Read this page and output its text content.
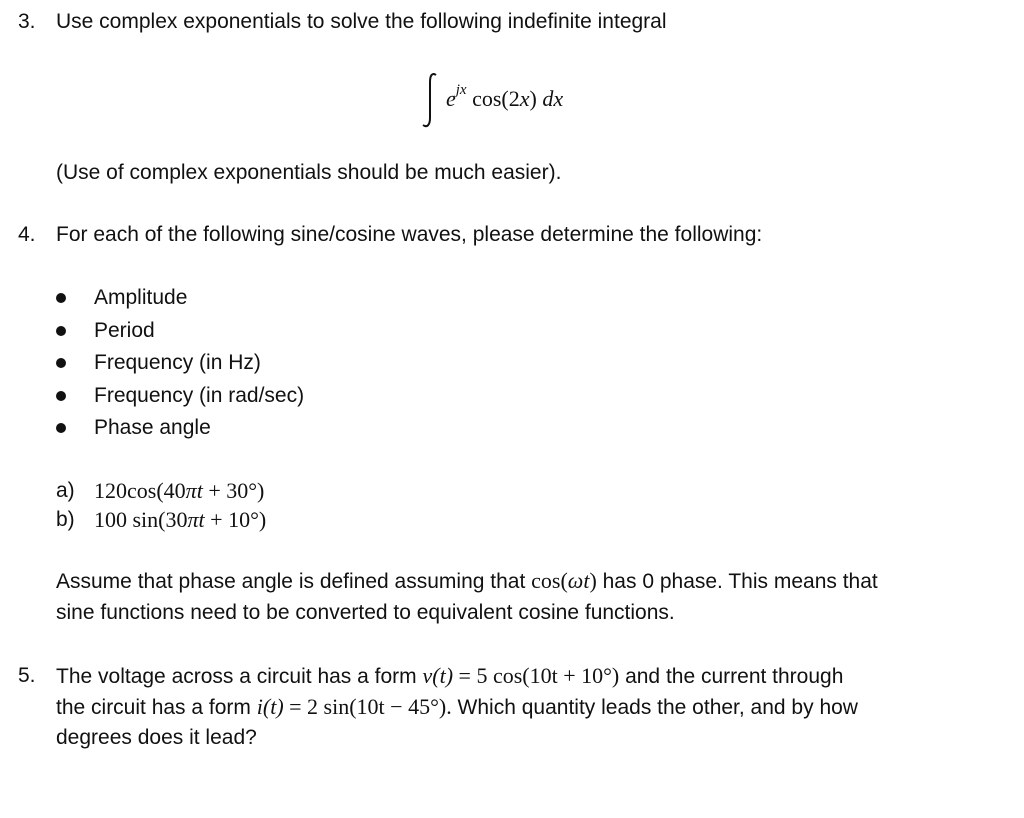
3. Use complex exponentials to solve the following indefinite integral
$e^{jx}$ cos(2x) dx
(Use of complex exponentials should be much easier).
4. For each of the following sine/cosine waves, please determine the following:
Amplitude
Period
Frequency (in Hz)
Frequency (in rad/sec)
Phase angle
a) 120cos(40πt + 30°)
b) 100 sin(30πt + 10°)
Assume that phase angle is defined assuming that cos(ωt) has 0 phase. This means that
sine functions need to be converted to equivalent cosine functions.
5. The voltage across a circuit has a form v(t) = 5 cos(10t + 10°) and the current through
the circuit has a form i(t) = 2 sin(10t − 45°). Which quantity leads the other, and by how
degrees does it lead?
